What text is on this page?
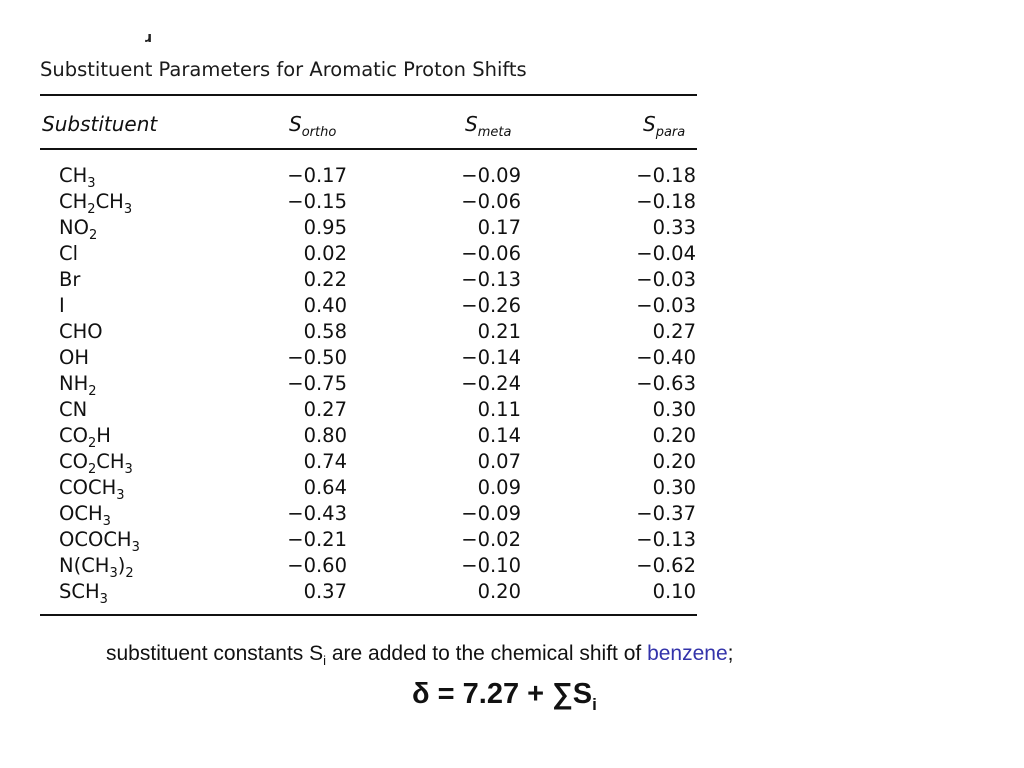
ɹ
Substituent Parameters for Aromatic Proton Shifts
Substituent	$S_{ortho}$	$S_{meta}$	$S_{para}$
$CH_3$	−0.17	−0.09	−0.18
$CH_2CH_3$	−0.15	−0.06	−0.18
$NO_2$	0.95	0.17	0.33
Cl	0.02	−0.06	−0.04
Br	0.22	−0.13	−0.03
I	0.40	−0.26	−0.03
CHO	0.58	0.21	0.27
OH	−0.50	−0.14	−0.40
$NH_2$	−0.75	−0.24	−0.63
CN	0.27	0.11	0.30
$CO_2H$	0.80	0.14	0.20
$CO_2CH_3$	0.74	0.07	0.20
$COCH_3$	0.64	0.09	0.30
$OCH_3$	−0.43	−0.09	−0.37
$OCOCH_3$	−0.21	−0.02	−0.13
$N(CH_3)_2$	−0.60	−0.10	−0.62
$SCH_3$	0.37	0.20	0.10
substituent constants $S_i$ are added to the chemical shift of benzene;
$\delta = 7.27 + \sum S_i$
